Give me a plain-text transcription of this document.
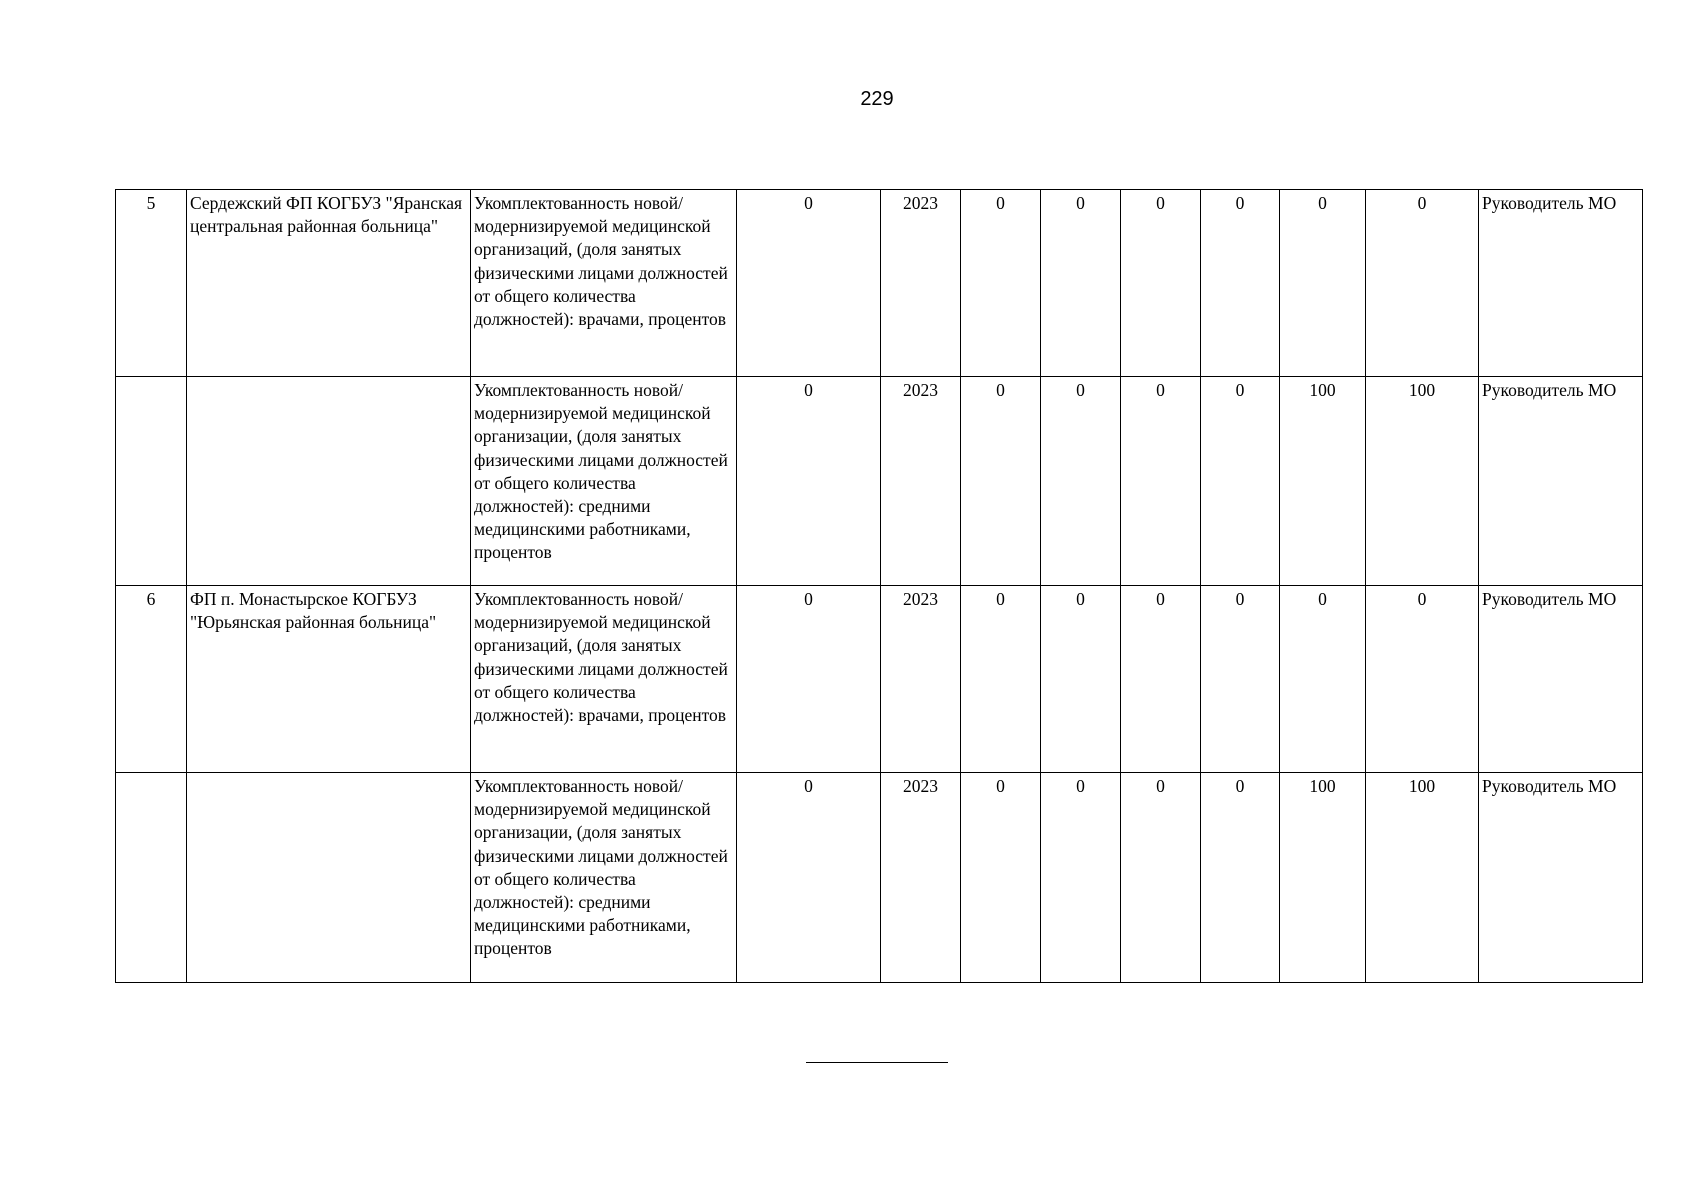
229
5	Сердежский ФП КОГБУЗ "Яранская центральная районная больница"	Укомплектованность новой/модернизируемой медицинской организаций, (доля занятых физическими лицами должностей от общего количества должностей): врачами, процентов	0	2023	0	0	0	0	0	0	Руководитель МО
		Укомплектованность новой/модернизируемой медицинской организации, (доля занятых физическими лицами должностей от общего количества должностей): средними медицинскими работниками, процентов	0	2023	0	0	0	0	100	100	Руководитель МО
6	ФП п. Монастырское КОГБУЗ "Юрьянская районная больница"	Укомплектованность новой/модернизируемой медицинской организаций, (доля занятых физическими лицами должностей от общего количества должностей): врачами, процентов	0	2023	0	0	0	0	0	0	Руководитель МО
		Укомплектованность новой/модернизируемой медицинской организации, (доля занятых физическими лицами должностей от общего количества должностей): средними медицинскими работниками, процентов	0	2023	0	0	0	0	100	100	Руководитель МО
